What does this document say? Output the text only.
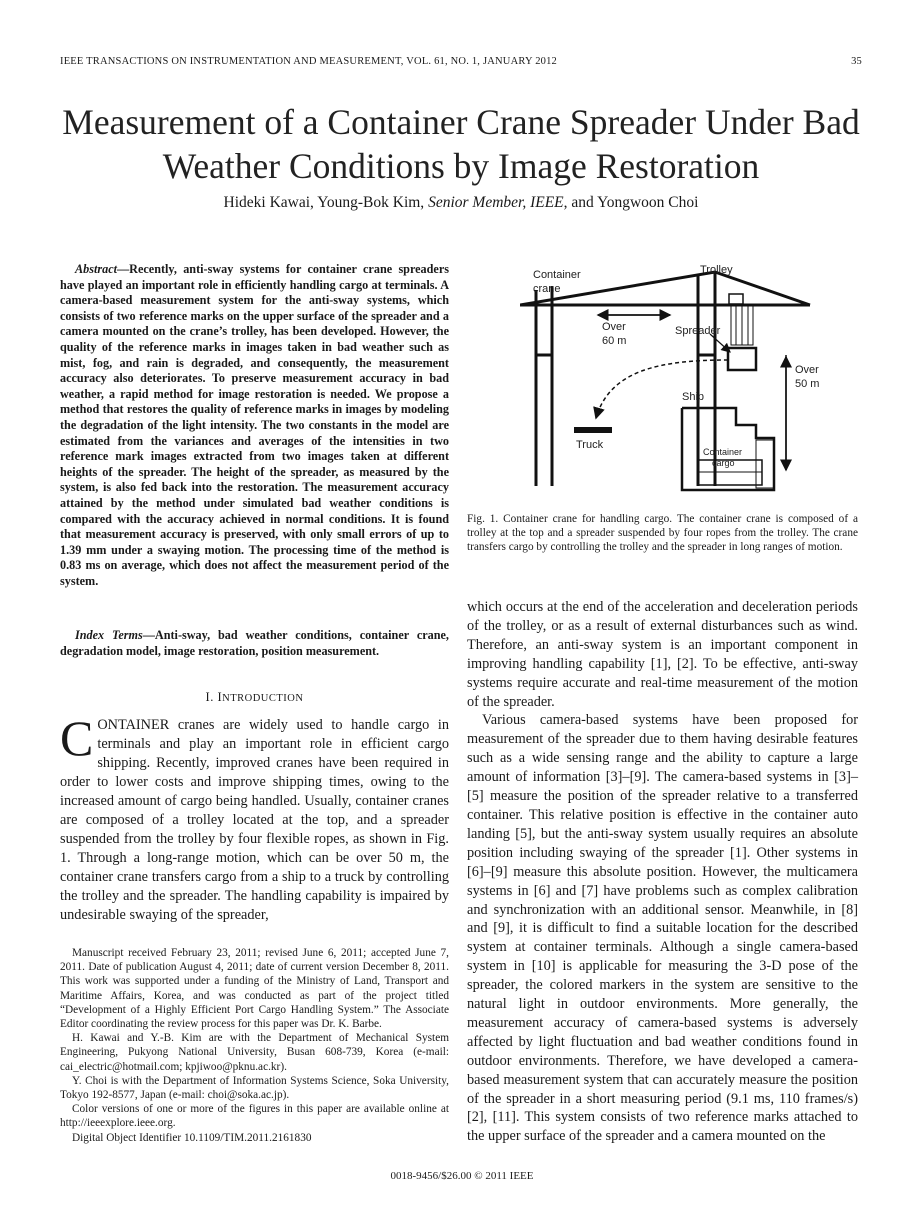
IEEE TRANSACTIONS ON INSTRUMENTATION AND MEASUREMENT, VOL. 61, NO. 1, JANUARY 2012	35
Measurement of a Container Crane Spreader Under Bad Weather Conditions by Image Restoration
Hideki Kawai, Young-Bok Kim, Senior Member, IEEE, and Yongwoon Choi
Abstract—Recently, anti-sway systems for container crane spreaders have played an important role in efficiently handling cargo at terminals. A camera-based measurement system for the anti-sway systems, which consists of two reference marks on the upper surface of the spreader and a camera mounted on the crane’s trolley, has been developed. However, the quality of the reference marks in images taken in bad weather such as mist, fog, and rain is degraded, and consequently, the measurement accuracy also deteriorates. To preserve measurement accuracy in bad weather, a rapid method for image restoration is needed. We propose a method that restores the quality of reference marks in images by modeling the degradation of the light intensity. The two constants in the model are estimated from the variances and averages of the intensities in two reference mark images extracted from two images taken at different heights of the spreader. The height of the spreader, as measured by the system, is also fed back into the restoration. The measurement accuracy attained by the method under simulated bad weather conditions is compared with the accuracy achieved in normal conditions. It is found that measurement accuracy is preserved, with only small errors of up to 1.39 mm under a swaying motion. The processing time of the method is 0.83 ms on average, which does not affect the measurement period of the system.
Index Terms—Anti-sway, bad weather conditions, container crane, degradation model, image restoration, position measurement.
I. INTRODUCTION
CONTAINER cranes are widely used to handle cargo in terminals and play an important role in efficient cargo shipping. Recently, improved cranes have been required in order to lower costs and improve shipping times, owing to the increased amount of cargo being handled. Usually, container cranes are composed of a trolley located at the top, and a spreader suspended from the trolley by four flexible ropes, as shown in Fig. 1. Through a long-range motion, which can be over 50 m, the container crane transfers cargo from a ship to a truck by controlling the trolley and the spreader. The handling capability is impaired by undesirable swaying of the spreader,

Manuscript received February 23, 2011; revised June 6, 2011; accepted June 7, 2011. Date of publication August 4, 2011; date of current version December 8, 2011. This work was supported under a funding of the Ministry of Land, Transport and Maritime Affairs, Korea, and was conducted as part of the project titled “Development of a Highly Efficient Port Cargo Handling System.” The Associate Editor coordinating the review process for this paper was Dr. K. Barbe.

H. Kawai and Y.-B. Kim are with the Department of Mechanical System Engineering, Pukyong National University, Busan 608-739, Korea (e-mail: cai_electric@hotmail.com; kpjiwoo@pknu.ac.kr).

Y. Choi is with the Department of Information Systems Science, Soka University, Tokyo 192-8577, Japan (e-mail: choi@soka.ac.jp).

Color versions of one or more of the figures in this paper are available online at http://ieeexplore.ieee.org.

Digital Object Identifier 10.1109/TIM.2011.2161830

Container
crane
Trolley
Over
60 m
Spreader
Over
50 m
Ship
Truck
Container
cargo
Fig. 1. Container crane for handling cargo. The container crane is composed of a trolley at the top and a spreader suspended by four ropes from the trolley. The crane transfers cargo by controlling the trolley and the spreader in long ranges of motion.

which occurs at the end of the acceleration and deceleration periods of the trolley, or as a result of external disturbances such as wind. Therefore, an anti-sway system is an important component in improving handling capability [1], [2]. To be effective, anti-sway systems require accurate and real-time measurement of the motion of the spreader.

Various camera-based systems have been proposed for measurement of the spreader due to them having desirable features such as a wide sensing range and the ability to capture a large amount of information [3]–[9]. The camera-based systems in [3]–[5] measure the position of the spreader relative to a transferred container. This relative position is effective in the container auto landing [5], but the anti-sway system usually requires an absolute position including swaying of the spreader [1]. Other systems in [6]–[9] measure this absolute position. However, the multicamera systems in [6] and [7] have problems such as complex calibration and synchronization with an additional sensor. Meanwhile, in [8] and [9], it is difficult to find a suitable location for the described system at container terminals. Although a single camera-based system in [10] is applicable for measuring the 3-D pose of the spreader, the colored markers in the system are sensitive to the natural light in outdoor environments. More generally, the measurement accuracy of camera-based systems is adversely affected by light fluctuation and bad weather conditions found in outdoor environments. Therefore, we have developed a camera-based measurement system that can accurately measure the position of the spreader in a short measuring period (9.1 ms, 110 frames/s) [2], [11]. This system consists of two reference marks attached to the upper surface of the spreader and a camera mounted on the

0018-9456/$26.00 © 2011 IEEE
